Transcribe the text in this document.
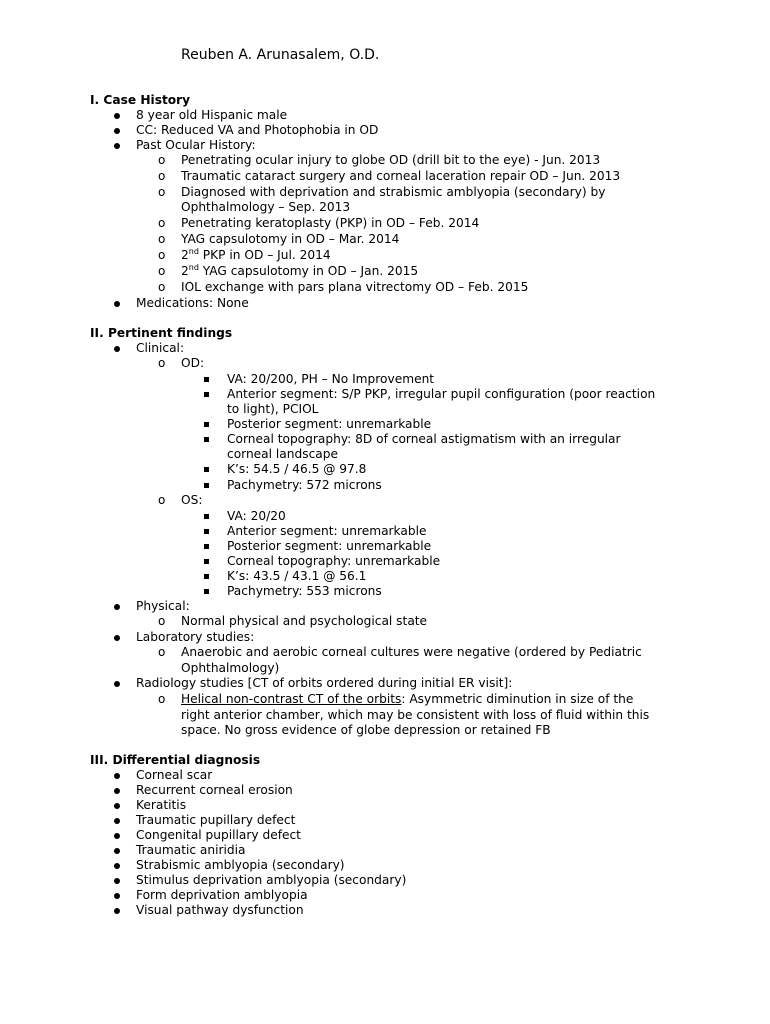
Reuben A. Arunasalem, O.D.
I. Case History
8 year old Hispanic male
CC: Reduced VA and Photophobia in OD
Past Ocular History:
o Penetrating ocular injury to globe OD (drill bit to the eye) - Jun. 2013
o Traumatic cataract surgery and corneal laceration repair OD – Jun. 2013
o Diagnosed with deprivation and strabismic amblyopia (secondary) by
Ophthalmology – Sep. 2013
o Penetrating keratoplasty (PKP) in OD – Feb. 2014
o YAG capsulotomy in OD – Mar. 2014
o 2nd PKP in OD – Jul. 2014
o 2nd YAG capsulotomy in OD – Jan. 2015
o IOL exchange with pars plana vitrectomy OD – Feb. 2015
Medications: None
II. Pertinent findings
Clinical:
o OD:
VA: 20/200, PH – No Improvement
Anterior segment: S/P PKP, irregular pupil configuration (poor reaction
to light), PCIOL
Posterior segment: unremarkable
Corneal topography: 8D of corneal astigmatism with an irregular
corneal landscape
K’s: 54.5 / 46.5 @ 97.8
Pachymetry: 572 microns
o OS:
VA: 20/20
Anterior segment: unremarkable
Posterior segment: unremarkable
Corneal topography: unremarkable
K’s: 43.5 / 43.1 @ 56.1
Pachymetry: 553 microns
Physical:
o Normal physical and psychological state
Laboratory studies:
o Anaerobic and aerobic corneal cultures were negative (ordered by Pediatric
Ophthalmology)
Radiology studies [CT of orbits ordered during initial ER visit]:
o Helical non-contrast CT of the orbits: Asymmetric diminution in size of the
right anterior chamber, which may be consistent with loss of fluid within this
space. No gross evidence of globe depression or retained FB
III. Differential diagnosis
Corneal scar
Recurrent corneal erosion
Keratitis
Traumatic pupillary defect
Congenital pupillary defect
Traumatic aniridia
Strabismic amblyopia (secondary)
Stimulus deprivation amblyopia (secondary)
Form deprivation amblyopia
Visual pathway dysfunction
